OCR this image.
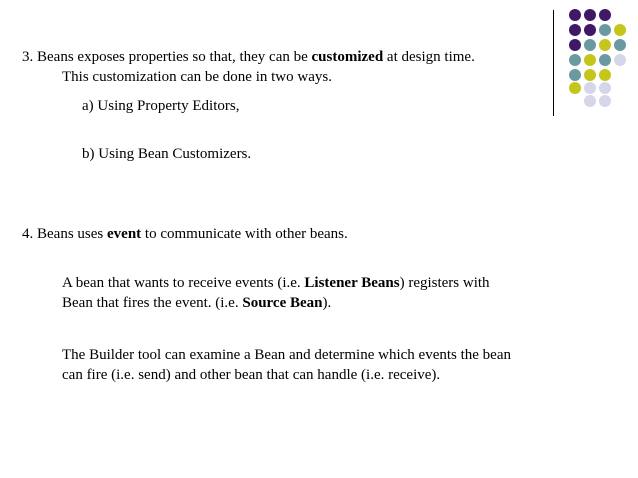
3. Beans exposes properties so that, they can be customized at design time.
This customization can be done in two ways.
a) Using Property Editors,
b) Using Bean Customizers.
4. Beans uses event to communicate with other beans.
A bean that wants to receive events (i.e. Listener Beans) registers with
Bean that fires the event. (i.e. Source Bean).
The Builder tool can examine a Bean and determine which events the bean
can fire (i.e. send) and other bean that can handle (i.e. receive).
